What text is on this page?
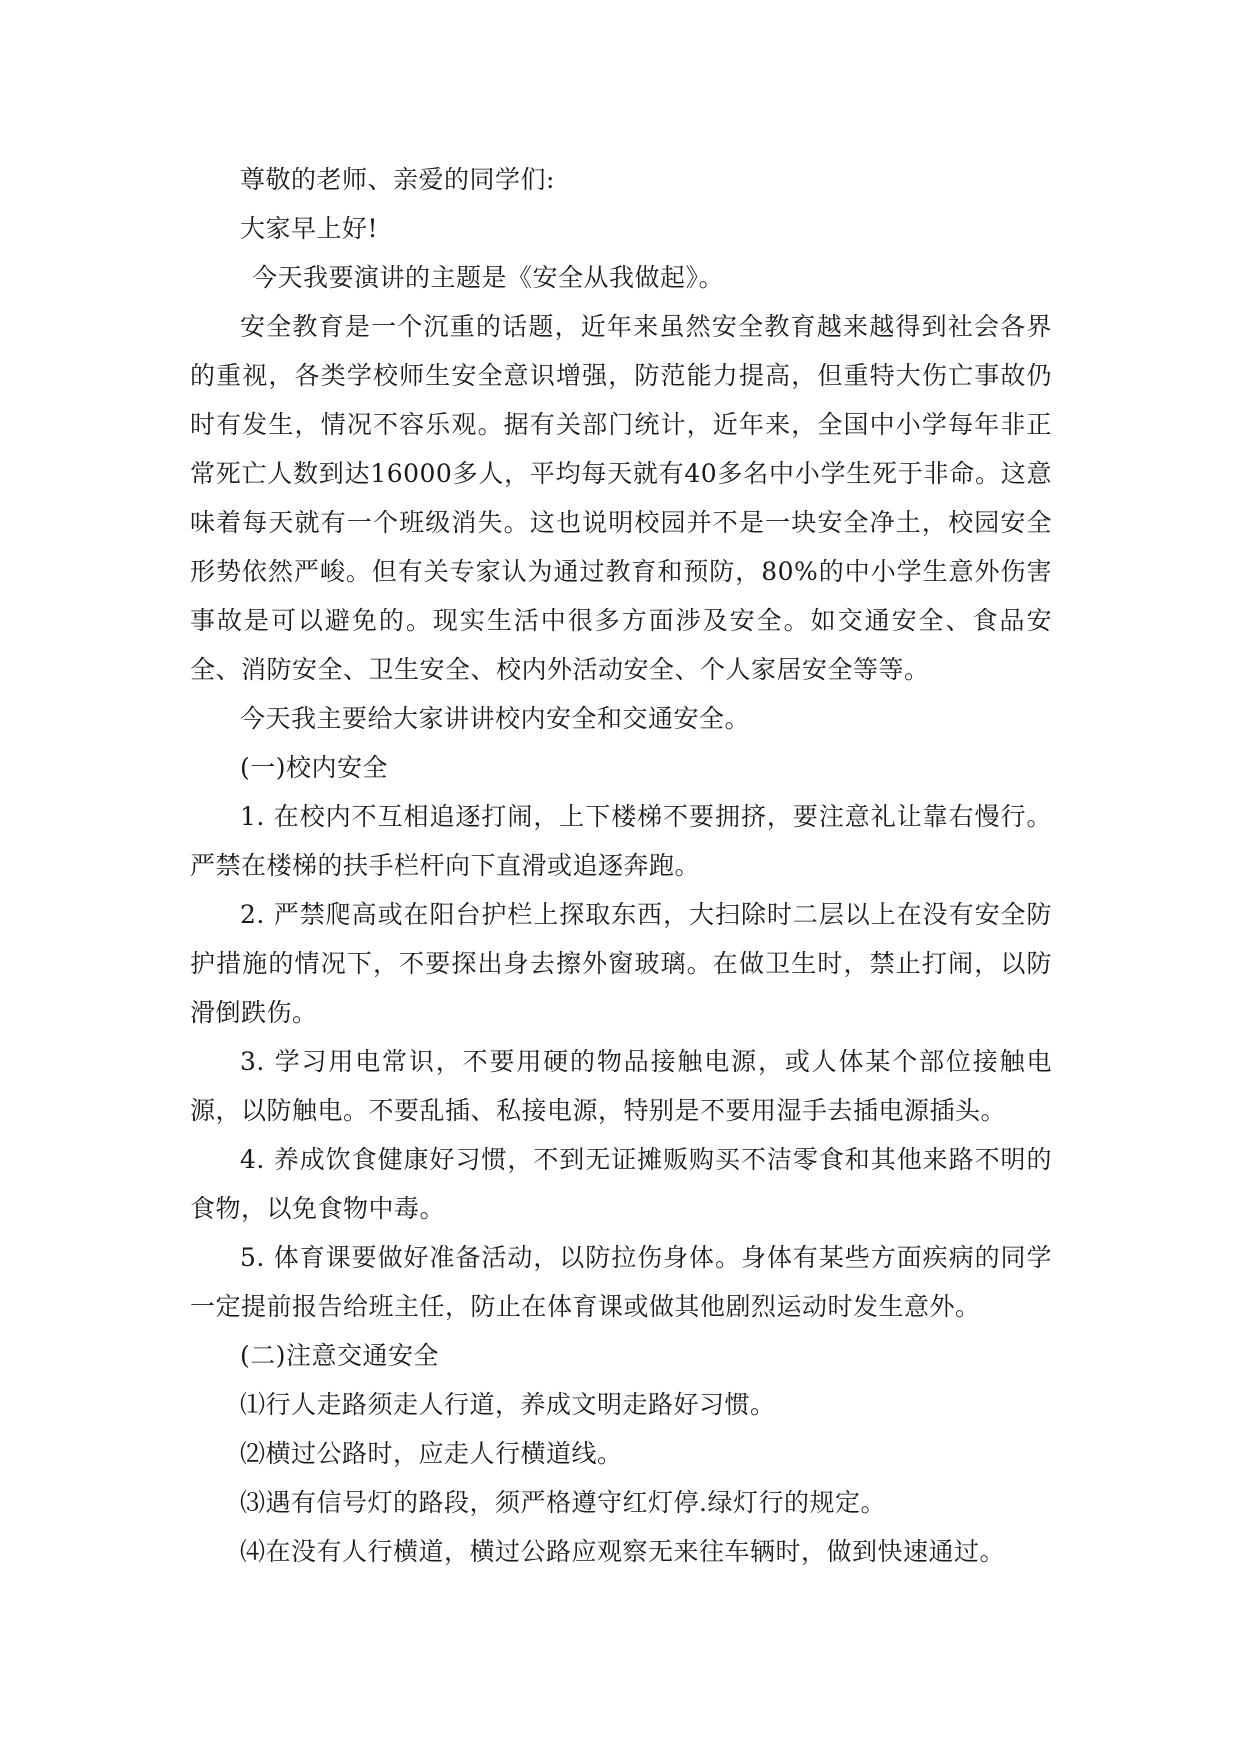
尊敬的老师、亲爱的同学们:

大家早上好!

今天我要演讲的主题是《安全从我做起》。

安全教育是一个沉重的话题，近年来虽然安全教育越来越得到社会各界的重视，各类学校师生安全意识增强，防范能力提高，但重特大伤亡事故仍时有发生，情况不容乐观。据有关部门统计，近年来，全国中小学每年非正常死亡人数到达16000多人，平均每天就有40多名中小学生死于非命。这意味着每天就有一个班级消失。这也说明校园并不是一块安全净土，校园安全形势依然严峻。但有关专家认为通过教育和预防，80%的中小学生意外伤害事故是可以避免的。现实生活中很多方面涉及安全。如交通安全、食品安全、消防安全、卫生安全、校内外活动安全、个人家居安全等等。

今天我主要给大家讲讲校内安全和交通安全。

(一)校内安全

1. 在校内不互相追逐打闹，上下楼梯不要拥挤，要注意礼让靠右慢行。严禁在楼梯的扶手栏杆向下直滑或追逐奔跑。

2. 严禁爬高或在阳台护栏上探取东西，大扫除时二层以上在没有安全防护措施的情况下，不要探出身去擦外窗玻璃。在做卫生时，禁止打闹，以防滑倒跌伤。

3. 学习用电常识，不要用硬的物品接触电源，或人体某个部位接触电源，以防触电。不要乱插、私接电源，特别是不要用湿手去插电源插头。

4. 养成饮食健康好习惯，不到无证摊贩购买不洁零食和其他来路不明的食物，以免食物中毒。

5. 体育课要做好准备活动，以防拉伤身体。身体有某些方面疾病的同学一定提前报告给班主任，防止在体育课或做其他剧烈运动时发生意外。

(二)注意交通安全

⑴行人走路须走人行道，养成文明走路好习惯。

⑵横过公路时，应走人行横道线。

⑶遇有信号灯的路段，须严格遵守红灯停.绿灯行的规定。

⑷在没有人行横道，横过公路应观察无来往车辆时，做到快速通过。
